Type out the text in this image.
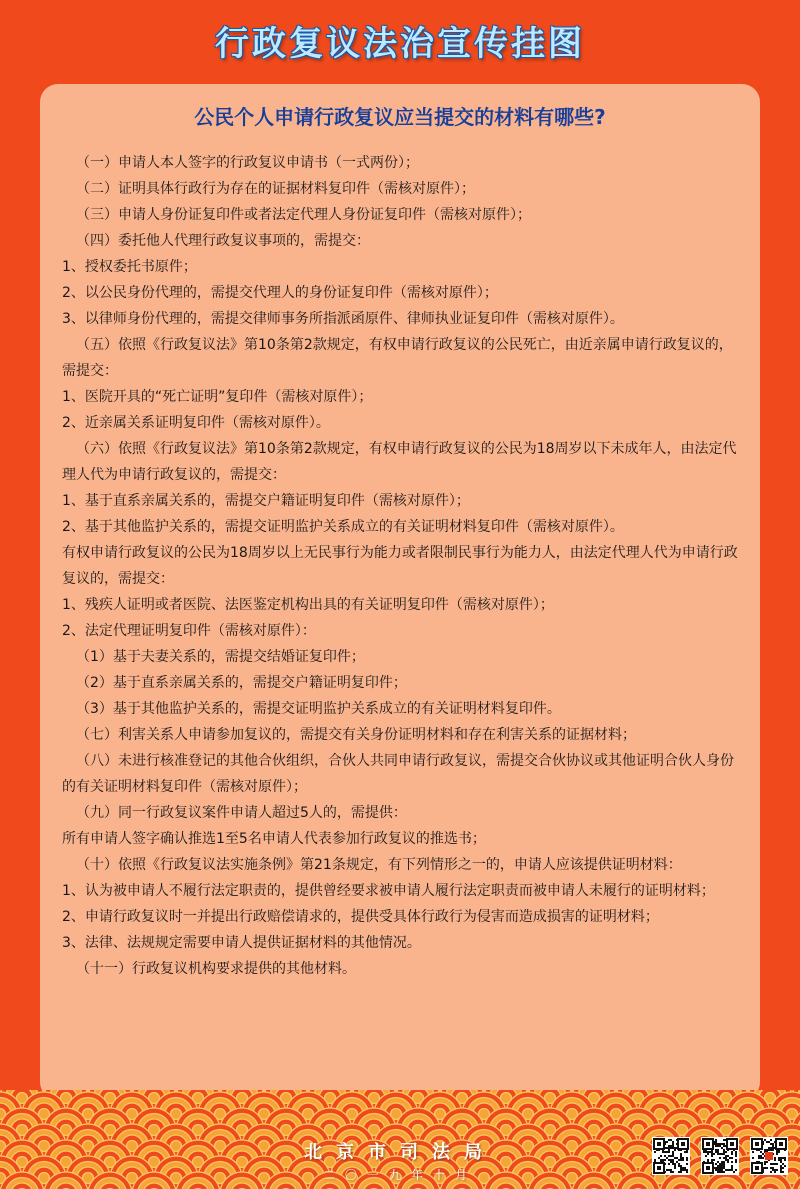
行政复议法治宣传挂图
公民个人申请行政复议应当提交的材料有哪些?

（一）申请人本人签字的行政复议申请书（一式两份）；

（二）证明具体行政行为存在的证据材料复印件（需核对原件）；

（三）申请人身份证复印件或者法定代理人身份证复印件（需核对原件）；

（四）委托他人代理行政复议事项的，需提交：

1、授权委托书原件；

2、以公民身份代理的，需提交代理人的身份证复印件（需核对原件）；

3、以律师身份代理的，需提交律师事务所指派函原件、律师执业证复印件（需核对原件）。

（五）依照《行政复议法》第10条第2款规定，有权申请行政复议的公民死亡，由近亲属申请行政复议的，需提交：

1、医院开具的“死亡证明”复印件（需核对原件）；

2、近亲属关系证明复印件（需核对原件）。

（六）依照《行政复议法》第10条第2款规定，有权申请行政复议的公民为18周岁以下未成年人，由法定代理人代为申请行政复议的，需提交：

1、基于直系亲属关系的，需提交户籍证明复印件（需核对原件）；

2、基于其他监护关系的，需提交证明监护关系成立的有关证明材料复印件（需核对原件）。

有权申请行政复议的公民为18周岁以上无民事行为能力或者限制民事行为能力人，由法定代理人代为申请行政复议的，需提交：

1、残疾人证明或者医院、法医鉴定机构出具的有关证明复印件（需核对原件）；

2、法定代理证明复印件（需核对原件）：

（1）基于夫妻关系的，需提交结婚证复印件；

（2）基于直系亲属关系的，需提交户籍证明复印件；

（3）基于其他监护关系的，需提交证明监护关系成立的有关证明材料复印件。

（七）利害关系人申请参加复议的，需提交有关身份证明材料和存在利害关系的证据材料；

（八）未进行核准登记的其他合伙组织，合伙人共同申请行政复议，需提交合伙协议或其他证明合伙人身份的有关证明材料复印件（需核对原件）；

（九）同一行政复议案件申请人超过5人的，需提供：

所有申请人签字确认推选1至5名申请人代表参加行政复议的推选书；

（十）依照《行政复议法实施条例》第21条规定，有下列情形之一的，申请人应该提供证明材料：

1、认为被申请人不履行法定职责的，提供曾经要求被申请人履行法定职责而被申请人未履行的证明材料；

2、申请行政复议时一并提出行政赔偿请求的，提供受具体行政行为侵害而造成损害的证明材料；

3、法律、法规规定需要申请人提供证据材料的其他情况。

（十一）行政复议机构要求提供的其他材料。

北京市司法局
二〇一九年十月
